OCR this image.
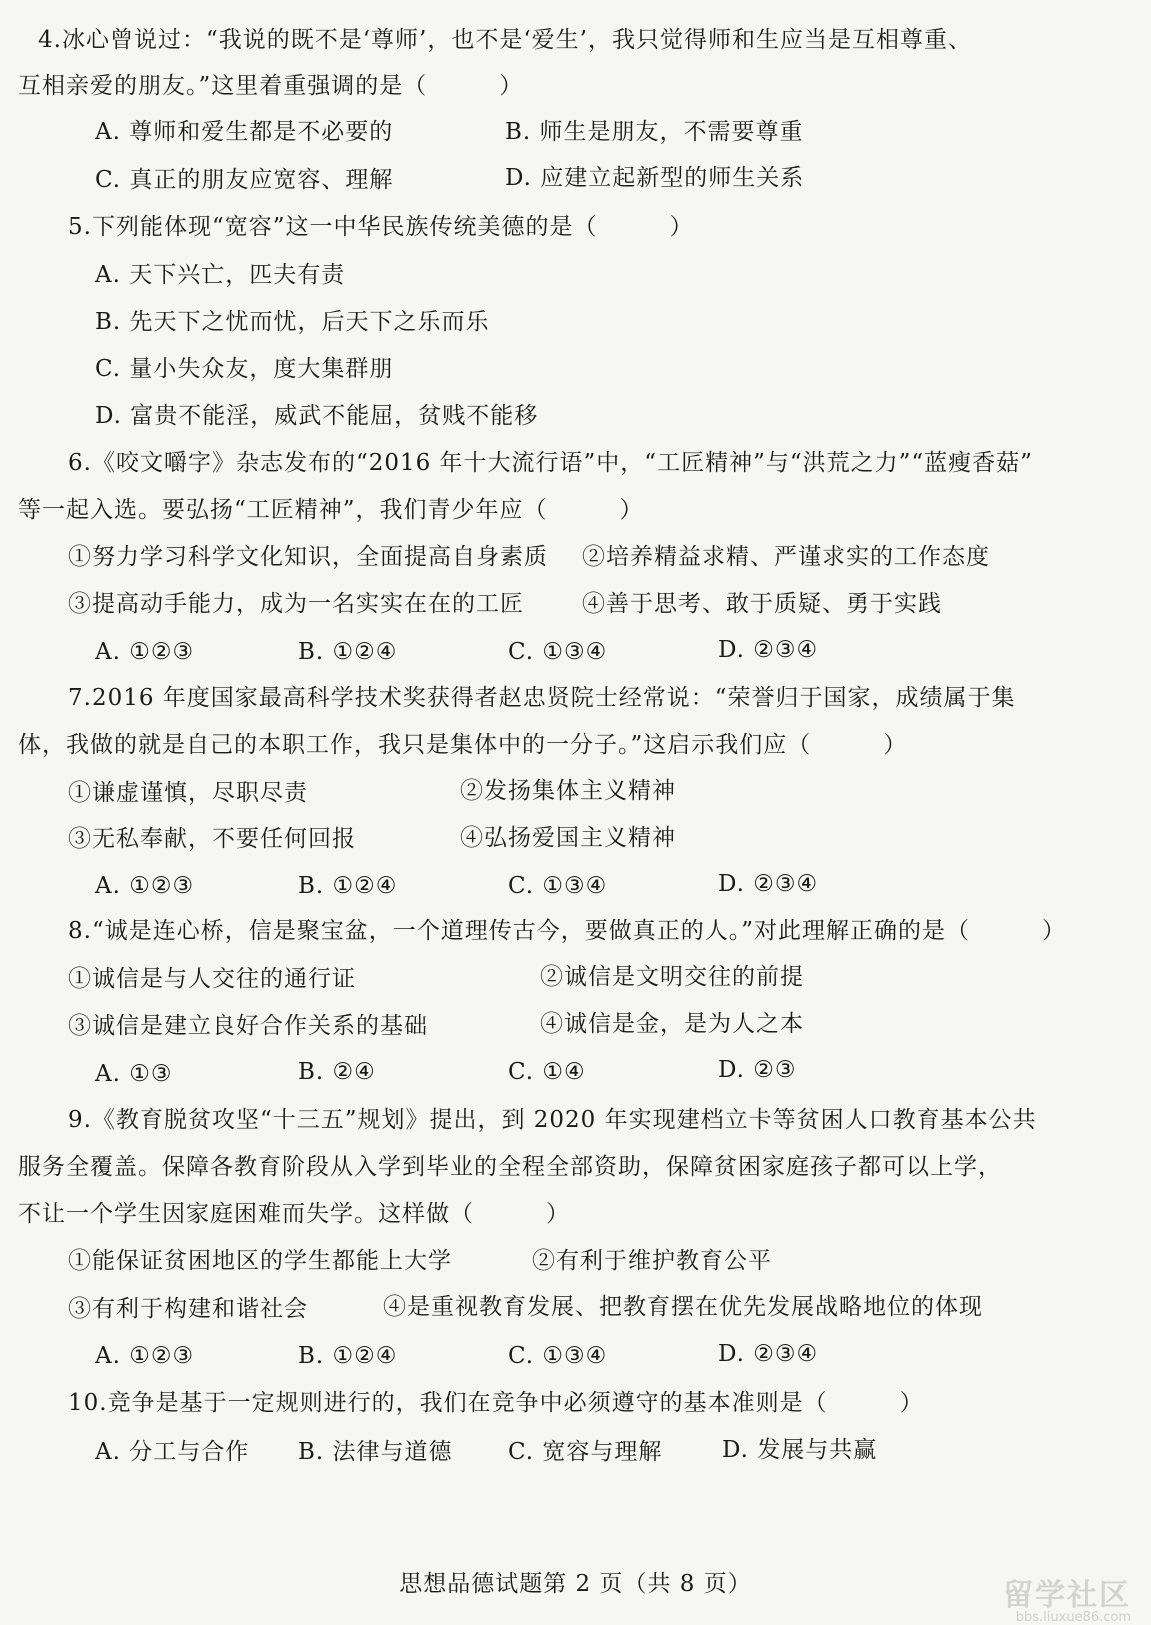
4.冰心曾说过：“我说的既不是‘尊师’，也不是‘爱生’，我只觉得师和生应当是互相尊重、
互相亲爱的朋友。”这里着重强调的是（　　　）
A. 尊师和爱生都是不必要的	B. 师生是朋友，不需要尊重
C. 真正的朋友应宽容、理解	D. 应建立起新型的师生关系
5.下列能体现“宽容”这一中华民族传统美德的是（　　　）
A. 天下兴亡，匹夫有责
B. 先天下之忧而忧，后天下之乐而乐
C. 量小失众友，度大集群朋
D. 富贵不能淫，威武不能屈，贫贱不能移
6.《咬文嚼字》杂志发布的“2016 年十大流行语”中，“工匠精神”与“洪荒之力”“蓝瘦香菇”
等一起入选。要弘扬“工匠精神”，我们青少年应（　　　）
①努力学习科学文化知识，全面提高自身素质 ②培养精益求精、严谨求实的工作态度
③提高动手能力，成为一名实实在在的工匠	④善于思考、敢于质疑、勇于实践
A. ①②③	B. ①②④	C. ①③④	D. ②③④
7.2016 年度国家最高科学技术奖获得者赵忠贤院士经常说：“荣誉归于国家，成绩属于集
体，我做的就是自己的本职工作，我只是集体中的一分子。”这启示我们应（　　　）
①谦虚谨慎，尽职尽责	②发扬集体主义精神
③无私奉献，不要任何回报	④弘扬爱国主义精神
A. ①②③	B. ①②④	C. ①③④	D. ②③④
8.“诚是连心桥，信是聚宝盆，一个道理传古今，要做真正的人。”对此理解正确的是（　　　）
①诚信是与人交往的通行证	②诚信是文明交往的前提
③诚信是建立良好合作关系的基础	④诚信是金，是为人之本
A. ①③	B. ②④	C. ①④	D. ②③
9.《教育脱贫攻坚“十三五”规划》提出，到 2020 年实现建档立卡等贫困人口教育基本公共
服务全覆盖。保障各教育阶段从入学到毕业的全程全部资助，保障贫困家庭孩子都可以上学，
不让一个学生因家庭困难而失学。这样做（　　　）
①能保证贫困地区的学生都能上大学	②有利于维护教育公平
③有利于构建和谐社会	④是重视教育发展、把教育摆在优先发展战略地位的体现
A. ①②③	B. ①②④	C. ①③④	D. ②③④
10.竞争是基于一定规则进行的，我们在竞争中必须遵守的基本准则是（　　　）
A. 分工与合作 B. 法律与道德 C. 宽容与理解	D. 发展与共赢
思想品德试题第 2 页（共 8 页）	留学社区
bbs.liuxue86.com
